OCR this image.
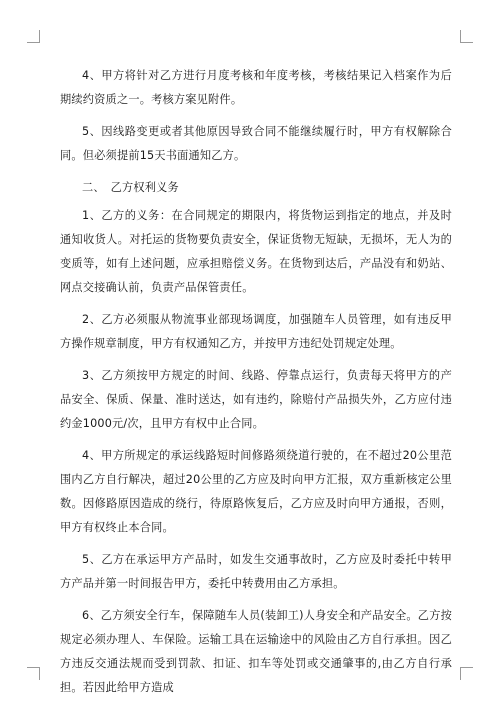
4、甲方将针对乙方进行月度考核和年度考核，考核结果记入档案作为后期续约资质之一。考核方案见附件。

5、因线路变更或者其他原因导致合同不能继续履行时，甲方有权解除合同。但必须提前15天书面通知乙方。

二、　乙方权利义务

1、乙方的义务：在合同规定的期限内，将货物运到指定的地点，并及时通知收货人。对托运的货物要负责安全，保证货物无短缺，无损坏，无人为的变质等，如有上述问题，应承担赔偿义务。在货物到达后，产品没有和奶站、网点交接确认前，负责产品保管责任。

2、乙方必须服从物流事业部现场调度，加强随车人员管理，如有违反甲方操作规章制度，甲方有权通知乙方，并按甲方违纪处罚规定处理。

3、乙方须按甲方规定的时间、线路、停靠点运行，负责每天将甲方的产品安全、保质、保量、准时送达，如有违约，除赔付产品损失外，乙方应付违约金1000元/次，且甲方有权中止合同。

4、甲方所规定的承运线路短时间修路须绕道行驶的，在不超过20公里范围内乙方自行解决，超过20公里的乙方应及时向甲方汇报，双方重新核定公里数。因修路原因造成的绕行，待原路恢复后，乙方应及时向甲方通报，否则，甲方有权终止本合同。

5、乙方在承运甲方产品时，如发生交通事故时，乙方应及时委托中转甲方产品并第一时间报告甲方，委托中转费用由乙方承担。

6、乙方须安全行车，保障随车人员(装卸工)人身安全和产品安全。乙方按规定必须办理人、车保险。运输工具在运输途中的风险由乙方自行承担。因乙方违反交通法规而受到罚款、扣证、扣车等处罚或交通肇事的,由乙方自行承担。若因此给甲方造成
